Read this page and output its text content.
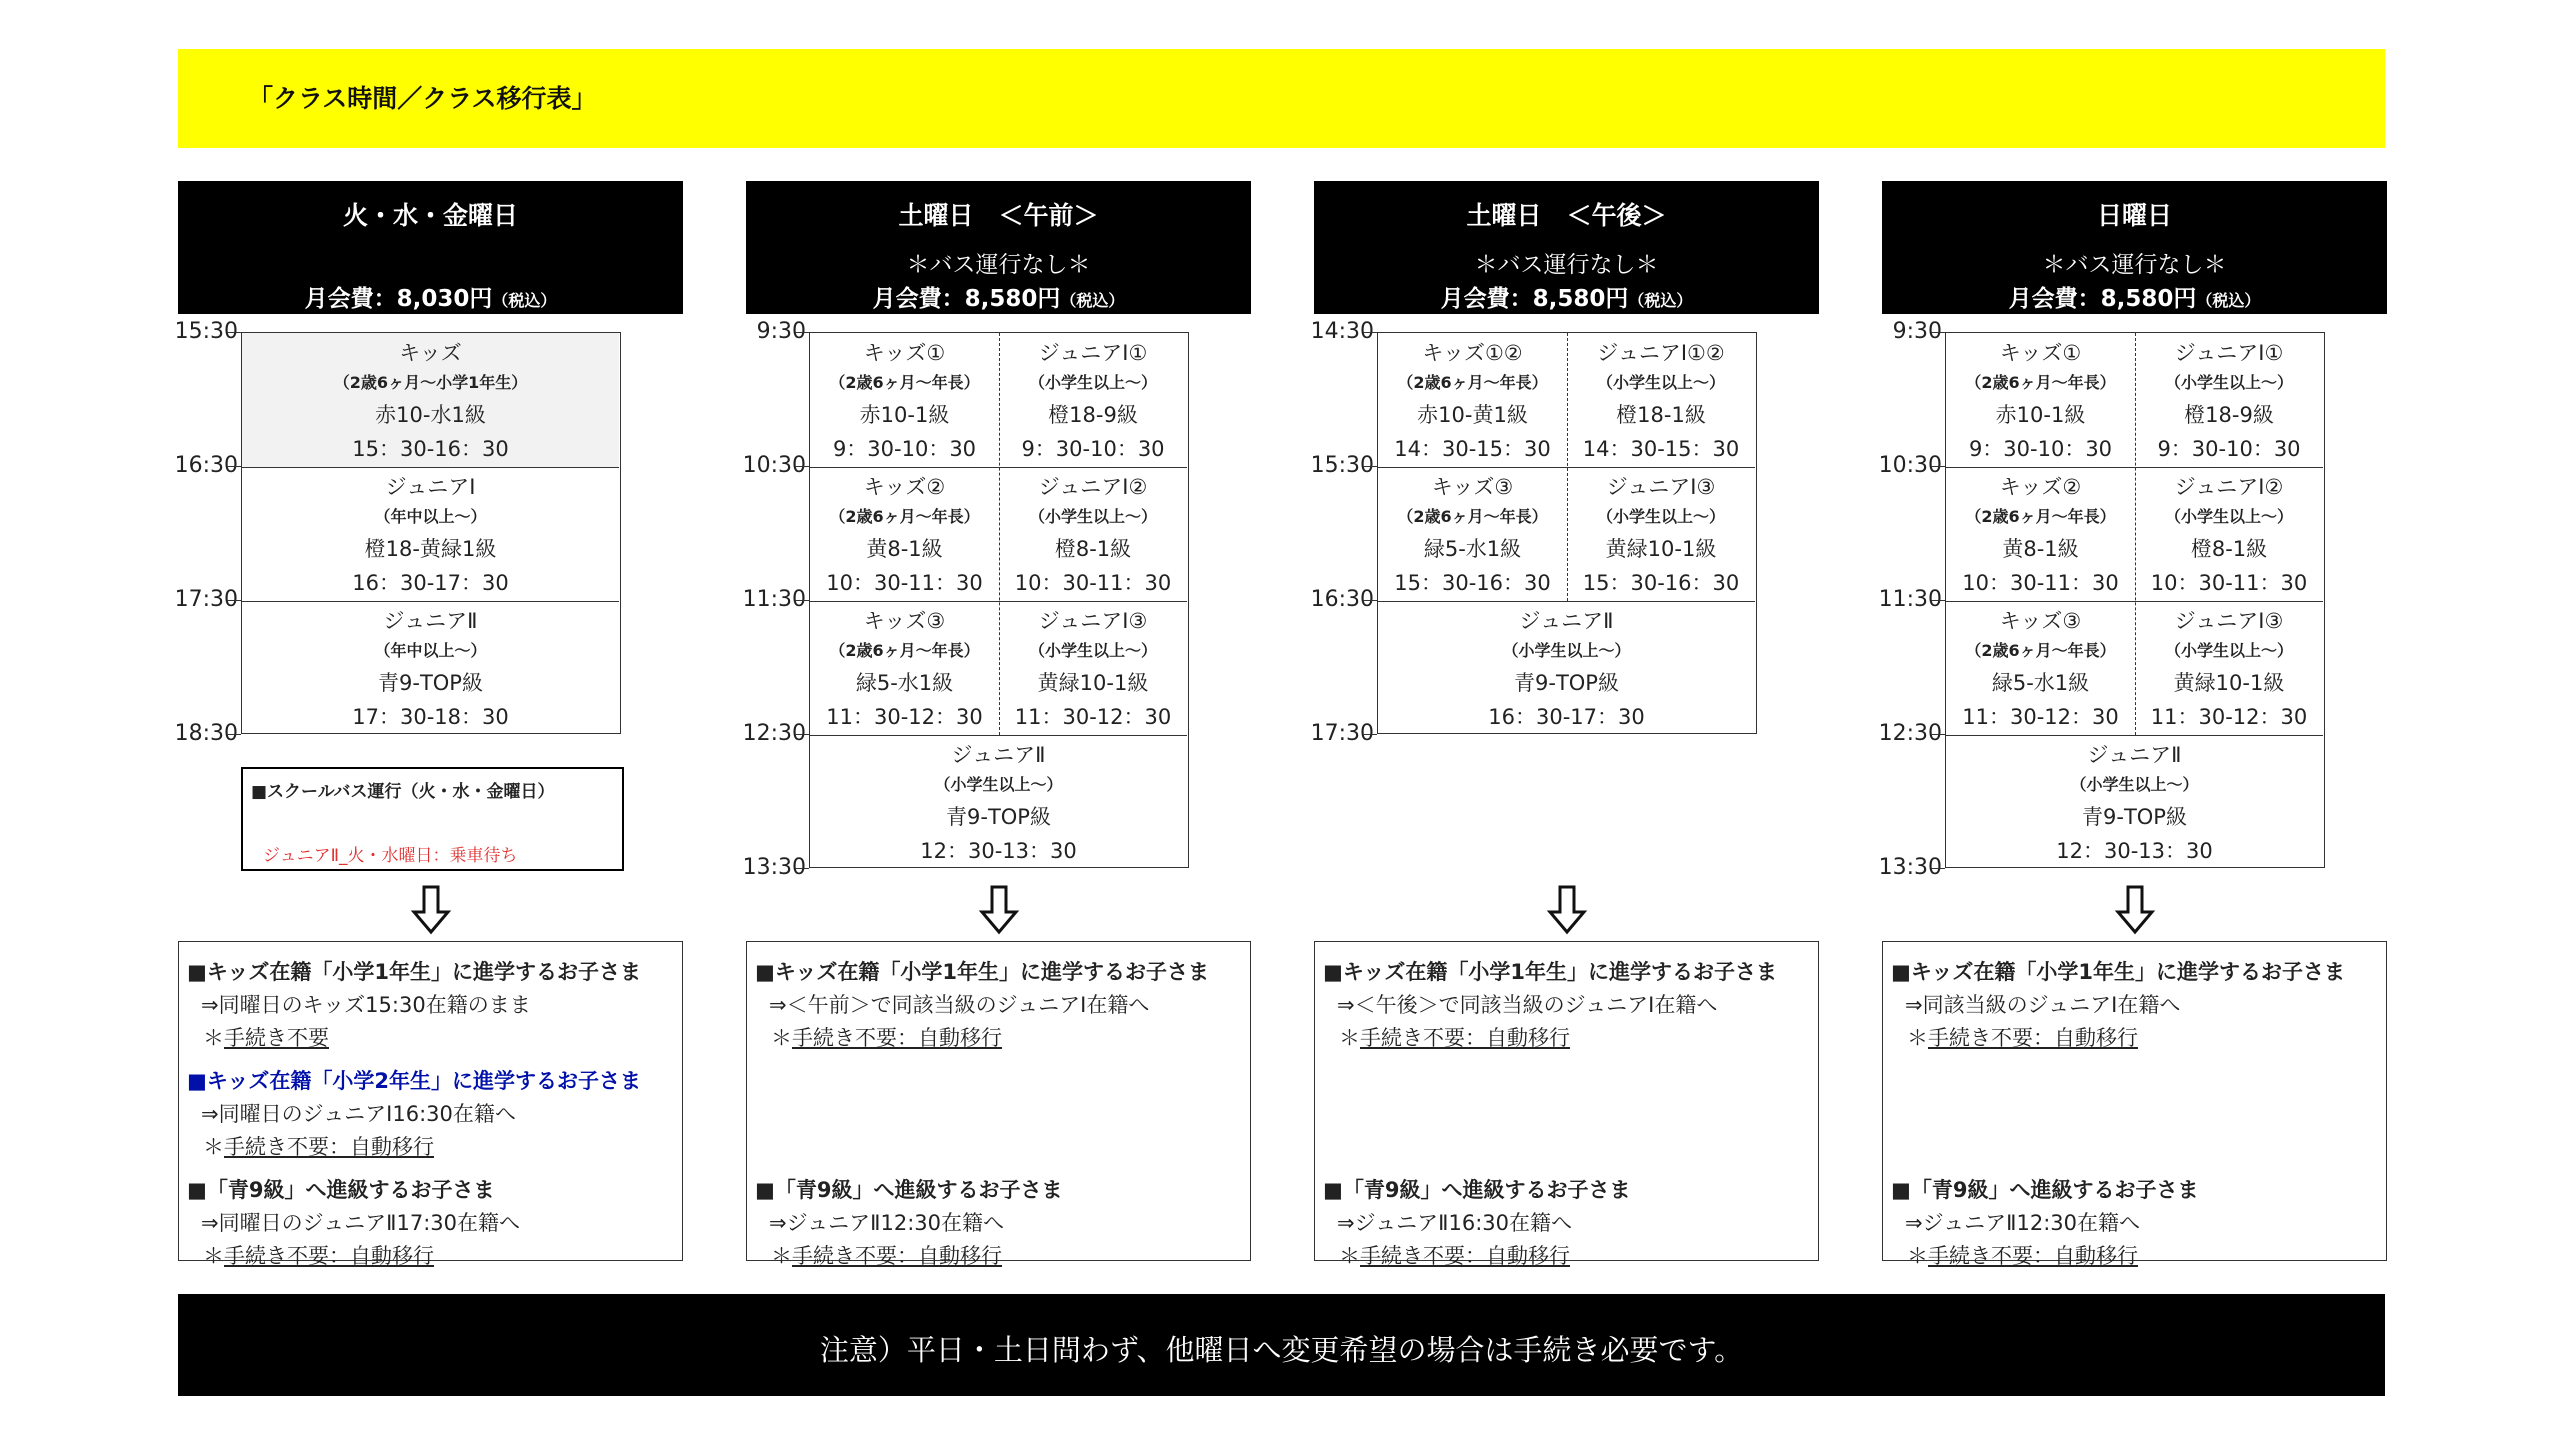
「クラス時間／クラス移行表」
火・水・金曜日
月会費：8,030円（税込）
15:30
16:30
17:30
18:30
キッズ
（2歳6ヶ月～小学1年生）
赤10-水1級
15：30-16：30
ジュニアⅠ
（年中以上～）
橙18-黄緑1級
16：30-17：30
ジュニアⅡ
（年中以上～）
青9-TOP級
17：30-18：30
■スクールバス運行（火・水・金曜日）
ジュニアⅡ_火・水曜日：乗車待ち
■キッズ在籍「小学1年生」に進学するお子さま
⇒同曜日のキッズ15:30在籍のまま
＊手続き不要
■キッズ在籍「小学2年生」に進学するお子さま
⇒同曜日のジュニアⅠ16:30在籍へ
＊手続き不要：自動移行
■「青9級」へ進級するお子さま
⇒同曜日のジュニアⅡ17:30在籍へ
＊手続き不要：自動移行
土曜日　＜午前＞
＊バス運行なし＊
月会費：8,580円（税込）
9:30
10:30
11:30
12:30
13:30
キッズ①
（2歳6ヶ月～年長）
赤10-1級
9：30-10：30
ジュニアⅠ①
（小学生以上～）
橙18-9級
9：30-10：30
キッズ②
（2歳6ヶ月～年長）
黄8-1級
10：30-11：30
ジュニアⅠ②
（小学生以上～）
橙8-1級
10：30-11：30
キッズ③
（2歳6ヶ月～年長）
緑5-水1級
11：30-12：30
ジュニアⅠ③
（小学生以上～）
黄緑10-1級
11：30-12：30
ジュニアⅡ
（小学生以上～）
青9-TOP級
12：30-13：30
■キッズ在籍「小学1年生」に進学するお子さま
⇒＜午前＞で同該当級のジュニアⅠ在籍へ
＊手続き不要：自動移行
■「青9級」へ進級するお子さま
⇒ジュニアⅡ12:30在籍へ
＊手続き不要：自動移行
土曜日　＜午後＞
＊バス運行なし＊
月会費：8,580円（税込）
14:30
15:30
16:30
17:30
キッズ①②
（2歳6ヶ月～年長）
赤10-黄1級
14：30-15：30
ジュニアⅠ①②
（小学生以上～）
橙18-1級
14：30-15：30
キッズ③
（2歳6ヶ月～年長）
緑5-水1級
15：30-16：30
ジュニアⅠ③
（小学生以上～）
黄緑10-1級
15：30-16：30
ジュニアⅡ
（小学生以上～）
青9-TOP級
16：30-17：30
■キッズ在籍「小学1年生」に進学するお子さま
⇒＜午後＞で同該当級のジュニアⅠ在籍へ
＊手続き不要：自動移行
■「青9級」へ進級するお子さま
⇒ジュニアⅡ16:30在籍へ
＊手続き不要：自動移行
日曜日
＊バス運行なし＊
月会費：8,580円（税込）
9:30
10:30
11:30
12:30
13:30
キッズ①
（2歳6ヶ月～年長）
赤10-1級
9：30-10：30
ジュニアⅠ①
（小学生以上～）
橙18-9級
9：30-10：30
キッズ②
（2歳6ヶ月～年長）
黄8-1級
10：30-11：30
ジュニアⅠ②
（小学生以上～）
橙8-1級
10：30-11：30
キッズ③
（2歳6ヶ月～年長）
緑5-水1級
11：30-12：30
ジュニアⅠ③
（小学生以上～）
黄緑10-1級
11：30-12：30
ジュニアⅡ
（小学生以上～）
青9-TOP級
12：30-13：30
■キッズ在籍「小学1年生」に進学するお子さま
⇒同該当級のジュニアⅠ在籍へ
＊手続き不要：自動移行
■「青9級」へ進級するお子さま
⇒ジュニアⅡ12:30在籍へ
＊手続き不要：自動移行
注意）平日・土日問わず、他曜日へ変更希望の場合は手続き必要です。
